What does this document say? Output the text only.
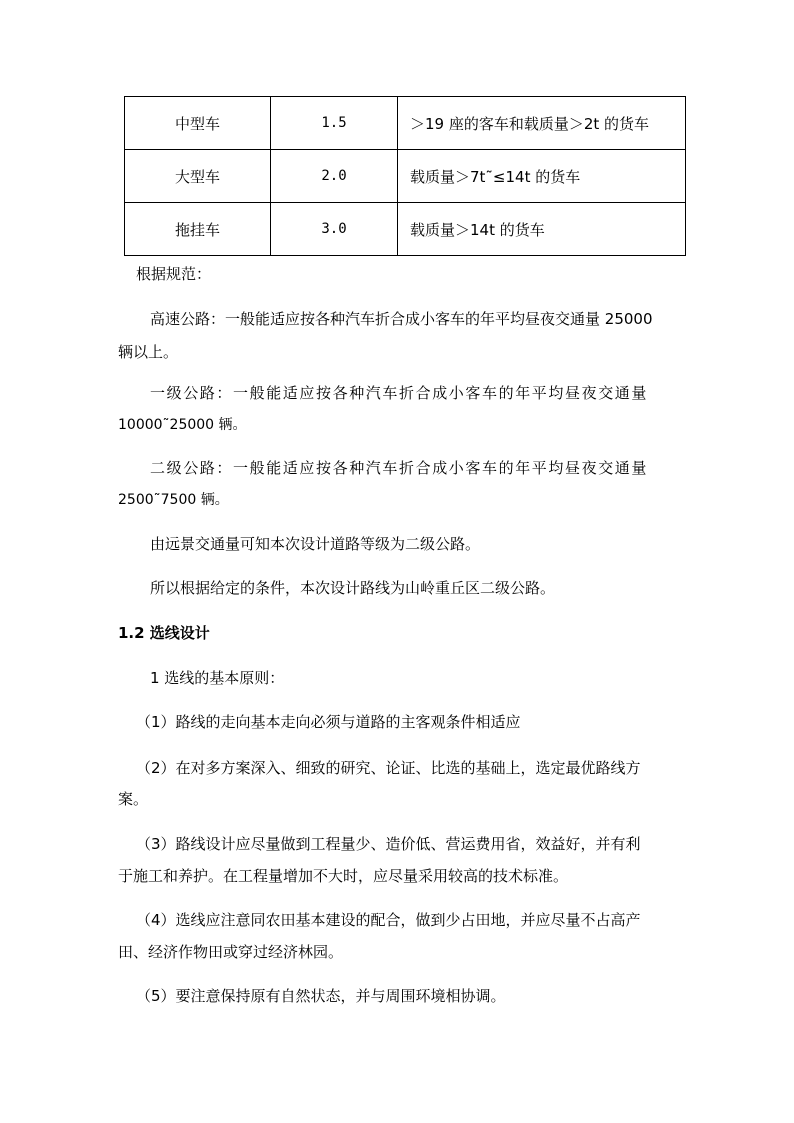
中型车	1.5	＞19 座的客车和载质量＞2t 的货车
大型车	2.0	载质量＞7t˜≤14t 的货车
拖挂车	3.0	载质量＞14t 的货车
根据规范：
高速公路：一般能适应按各种汽车折合成小客车的年平均昼夜交通量 25000
辆以上。
一级公路：一般能适应按各种汽车折合成小客车的年平均昼夜交通量
10000˜25000 辆。
二级公路：一般能适应按各种汽车折合成小客车的年平均昼夜交通量
2500˜7500 辆。
由远景交通量可知本次设计道路等级为二级公路。
所以根据给定的条件，本次设计路线为山岭重丘区二级公路。
1.2 选线设计
1 选线的基本原则：
（1）路线的走向基本走向必须与道路的主客观条件相适应
（2）在对多方案深入、细致的研究、论证、比选的基础上，选定最优路线方
案。
（3）路线设计应尽量做到工程量少、造价低、营运费用省，效益好，并有利
于施工和养护。在工程量增加不大时，应尽量采用较高的技术标准。
（4）选线应注意同农田基本建设的配合，做到少占田地，并应尽量不占高产
田、经济作物田或穿过经济林园。
（5）要注意保持原有自然状态，并与周围环境相协调。
